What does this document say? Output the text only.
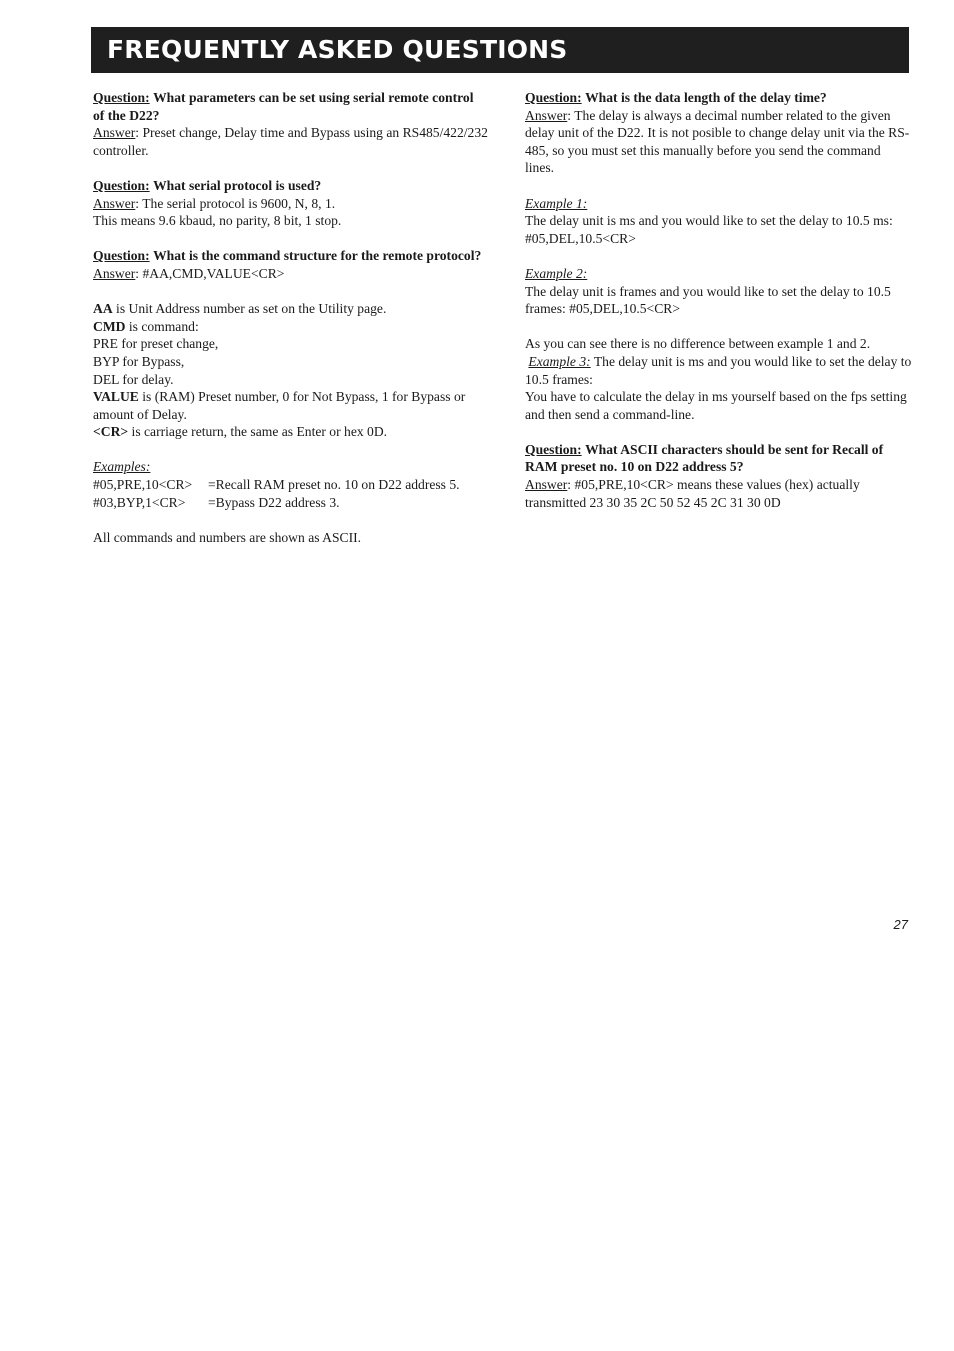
FREQUENTLY ASKED QUESTIONS

Question: What parameters can be set using serial remote control of the D22?

Answer: Preset change, Delay time and Bypass using an RS485/422/232 controller.

Question: What serial protocol is used?

Answer: The serial protocol is 9600, N, 8, 1.

This means 9.6 kbaud, no parity, 8 bit, 1 stop.

Question: What is the command structure for the remote protocol?

Answer: #AA,CMD,VALUE<CR>

AA is Unit Address number as set on the Utility page.

CMD is command:

PRE for preset change,

BYP for Bypass,

DEL for delay.

VALUE is (RAM) Preset number, 0 for Not Bypass, 1 for Bypass or amount of Delay.

<CR> is carriage return, the same as Enter or hex 0D.

Examples:

#05,PRE,10<CR>	=Recall RAM preset no. 10 on D22 address 5.
#03,BYP,1<CR>	=Bypass D22 address 3.

All commands and numbers are shown as ASCII.

Question: What is the data length of the delay time?

Answer: The delay is always a decimal number related to the given delay unit of the D22. It is not posible to change delay unit via the RS-485, so you must set this manually before you send the command lines.

Example 1:

The delay unit is ms and you would like to set the delay to 10.5 ms: #05,DEL,10.5<CR>

Example 2:

The delay unit is frames and you would like to set the delay to 10.5 frames: #05,DEL,10.5<CR>

As you can see there is no difference between example 1 and 2.

Example 3: The delay unit is ms and you would like to set the delay to 10.5 frames:

You have to calculate the delay in ms yourself based on the fps setting and then send a command-line.

Question: What ASCII characters should be sent for Recall of RAM preset no. 10 on D22 address 5?

Answer: #05,PRE,10<CR> means these values (hex) actually transmitted 23 30 35 2C 50 52 45 2C 31 30 0D

27
